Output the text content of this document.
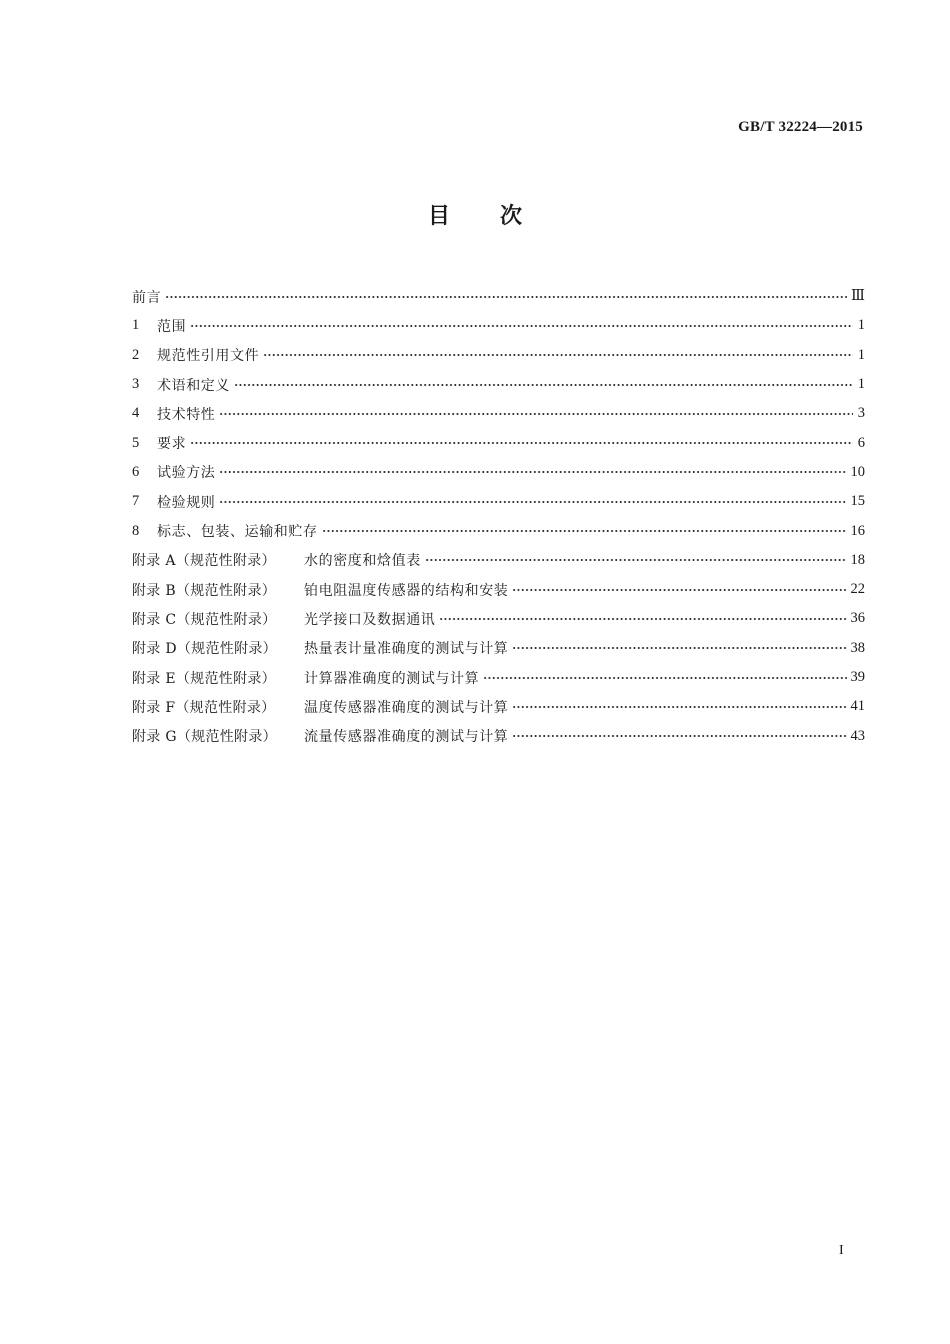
GB/T 32224—2015
目 次
前言	Ⅲ
1	范围	1
2	规范性引用文件	1
3	术语和定义	1
4	技术特性	3
5	要求	6
6	试验方法	10
7	检验规则	15
8	标志、包装、运输和贮存	16
附录 A（规范性附录）	水的密度和焓值表	18
附录 B（规范性附录）	铂电阻温度传感器的结构和安装	22
附录 C（规范性附录）	光学接口及数据通讯	36
附录 D（规范性附录）	热量表计量准确度的测试与计算	38
附录 E（规范性附录）	计算器准确度的测试与计算	39
附录 F（规范性附录）	温度传感器准确度的测试与计算	41
附录 G（规范性附录）	流量传感器准确度的测试与计算	43
I
